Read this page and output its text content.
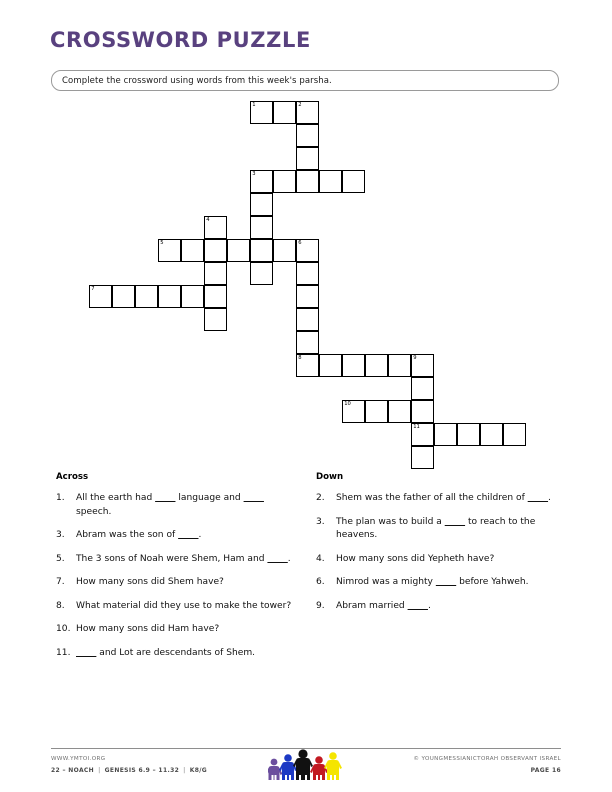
CROSSWORD PUZZLE
Complete the crossword using words from this week's parsha.
1	2
3
4
5	6
7
8	9
10
11
Across
1.	All the earth had        language and        speech.
3.	Abram was the son of       .
5.	The 3 sons of Noah were Shem, Ham and       .
7.	How many sons did Shem have?
8.	What material did they use to make the tower?
10. How many sons did Ham have?
11.	and Lot are descendants of Shem.
Down
2.	Shem was the father of all the children of       .
3.	The plan was to build a        to reach to the heavens.
4.	How many sons did Yepheth have?
6.	Nimrod was a mighty        before Yahweh.
9.	Abram married       .
WWW.YMTOI.ORG
22 – NOACH | GENESIS 6.9 – 11.32 | K8/G
© YOUNGMESSIANICTORAH OBSERVANT ISRAEL
PAGE 16
